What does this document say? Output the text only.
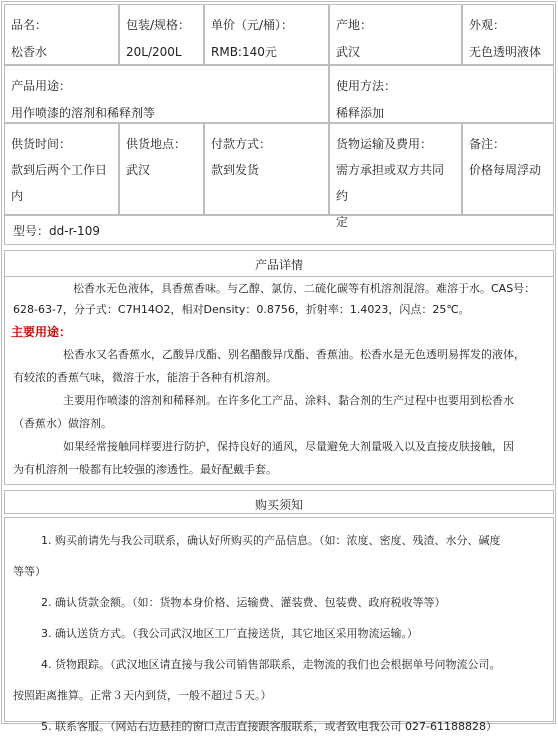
品名：
松香水
包装/规格：
20L/200L
单价（元/桶）：
RMB:140元
产地：
武汉
外观：
无色透明液体
产品用途：
用作喷漆的溶剂和稀释剂等
使用方法：
稀释添加
供货时间：
款到后两个工作日
内
供货地点：
武汉
付款方式：
款到发货
货物运输及费用：
需方承担或双方共同约
定
备注：
价格每周浮动
型号：dd-r-109
产品详情

松香水无色液体，具香蕉香味。与乙醇、氯仿、二硫化碳等有机溶剂混溶。难溶于水。CAS号：

628-63-7，分子式：C7H14O2，相对Density：0.8756，折射率：1.4023，闪点：25℃。

主要用途：

松香水又名香蕉水，乙酸异戊酯、别名醋酸异戊酯、香蕉油。松香水是无色透明易挥发的液体，

有较浓的香蕉气味，微溶于水，能溶于各种有机溶剂。

主要用作喷漆的溶剂和稀释剂。在许多化工产品、涂料、黏合剂的生产过程中也要用到松香水

（香蕉水）做溶剂。

如果经常接触同样要进行防护，保持良好的通风，尽量避免大剂量吸入以及直接皮肤接触，因

为有机溶剂一般都有比较强的渗透性。最好配戴手套。

购买须知

1. 购买前请先与我公司联系，确认好所购买的产品信息。（如：浓度、密度、残渣、水分、碱度

等等）

2. 确认货款金额。（如：货物本身价格、运输费、灌装费、包装费、政府税收等等）

3. 确认送货方式。（我公司武汉地区工厂直接送货，其它地区采用物流运输。）

4. 货物跟踪。（武汉地区请直接与我公司销售部联系，走物流的我们也会根据单号问物流公司。

按照距离推算。正常３天内到货，一般不超过５天。）

5. 联系客服。（网站右边悬挂的窗口点击直接跟客服联系，或者致电我公司 027-61188828）
